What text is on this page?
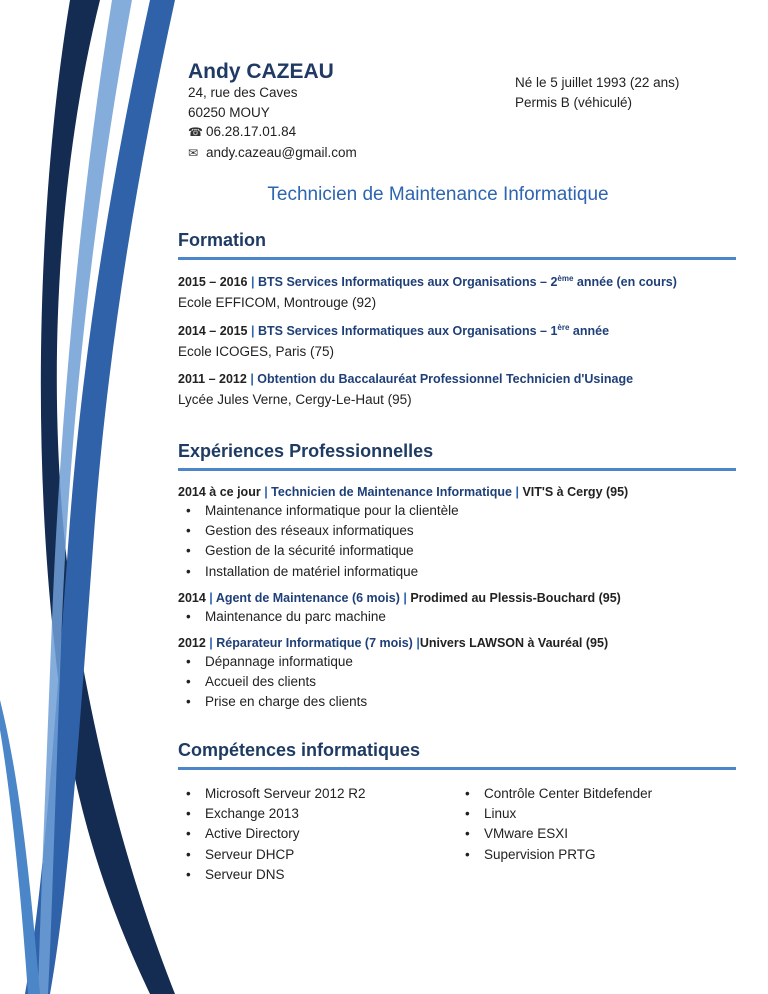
Andy CAZEAU
24, rue des Caves
60250 MOUY
☎ 06.28.17.01.84
✉ andy.cazeau@gmail.com
Né le 5 juillet 1993 (22 ans)
Permis B (véhiculé)
Technicien de Maintenance Informatique
Formation
2015 – 2016 | BTS Services Informatiques aux Organisations – 2ème année (en cours)
Ecole EFFICOM, Montrouge (92)
2014 – 2015 | BTS Services Informatiques aux Organisations – 1ère année
Ecole ICOGES, Paris (75)
2011 – 2012 | Obtention du Baccalauréat Professionnel Technicien d'Usinage
Lycée Jules Verne, Cergy-Le-Haut (95)
Expériences Professionnelles
2014 à ce jour | Technicien de Maintenance Informatique | VIT'S à Cergy (95)
• Maintenance informatique pour la clientèle
• Gestion des réseaux informatiques
• Gestion de la sécurité informatique
• Installation de matériel informatique
2014 | Agent de Maintenance (6 mois) | Prodimed au Plessis-Bouchard (95)
• Maintenance du parc machine
2012 | Réparateur Informatique (7 mois) |Univers LAWSON à Vauréal (95)
• Dépannage informatique
• Accueil des clients
• Prise en charge des clients
Compétences informatiques
• Microsoft Serveur 2012 R2
• Exchange 2013
• Active Directory
• Serveur DHCP
• Serveur DNS
• Contrôle Center Bitdefender
• Linux
• VMware ESXI
• Supervision PRTG
